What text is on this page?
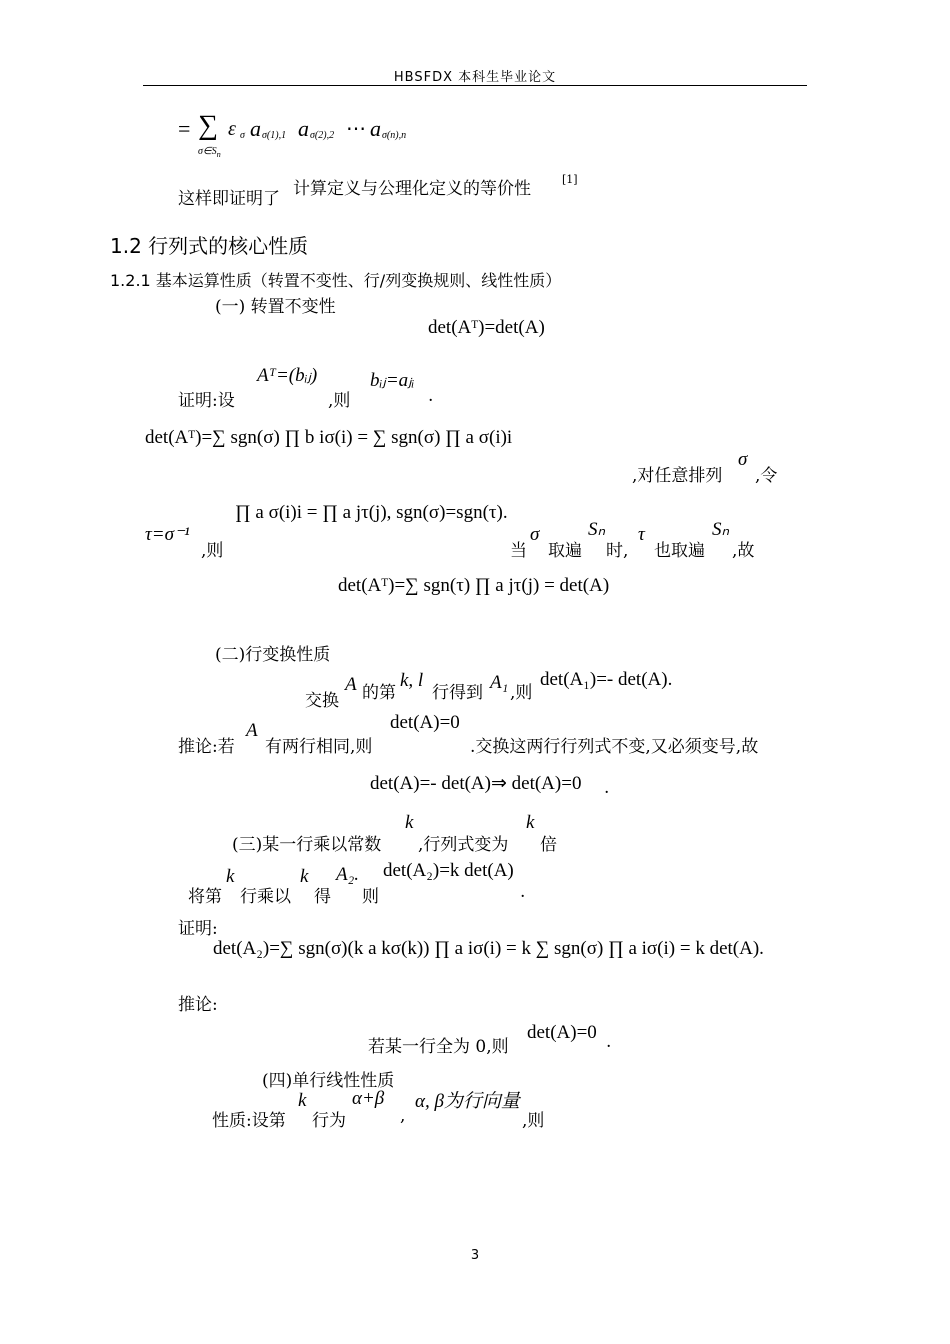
HBSFDX 本科生毕业论文
= ∑
$\sigma\in S_n$
ε σ a σ(1),1 a σ(2),2 ⋯ a σ(n),n
这样即证明了 计算定义与公理化定义的等价性	[1]
1.2 行列式的核心性质
1.2.1 基本运算性质（转置不变性、行/列变换规则、线性性质）
(一) 转置不变性
det(Aᵀ)=det(A)
证明:设
Aᵀ=(bᵢⱼ)
,则
bᵢⱼ=aⱼᵢ
.
det(Aᵀ)=∑ sgn(σ) ∏ b iσ(i) = ∑ sgn(σ) ∏ a σ(i)i
,对任意排列
σ
,令
τ=σ⁻¹
,则
∏ a σ(i)i = ∏ a jτ(j), sgn(σ)=sgn(τ).
当
σ
取遍
Sₙ
时,
τ
也取遍
Sₙ
,故
det(Aᵀ)=∑ sgn(τ) ∏ a jτ(j) = det(A)
(二)行变换性质
交换
A 的第
k, l
行得到 A₁ ,则
det(A₁)=- det(A).
推论:若
A
有两行相同,则
det(A)=0
.交换这两行行列式不变,又必须变号,故
det(A)=- det(A)⇒ det(A)=0 .
(三)某一行乘以常数
k
,行列式变为
k
倍
将第
k
行乘以
k
得
A₂.
则
det(A₂)=k det(A)
.
证明:
det(A₂)=∑ sgn(σ)(k a kσ(k)) ∏ a iσ(i) = k ∑ sgn(σ) ∏ a iσ(i) = k det(A).
推论:
若某一行全为 0,则
det(A)=0 .
(四)单行线性性质
性质:设第
k
行为
α+β
,
α, β为行向量
,则
3
